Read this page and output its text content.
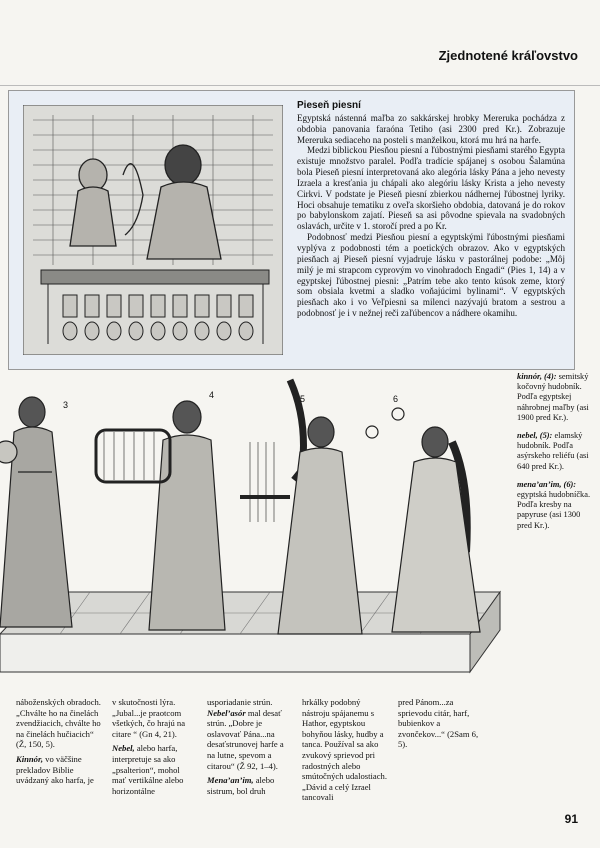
Zjednotené kráľovstvo
Pieseň piesní

Egyptská nástenná maľba zo sakkárskej hrobky Mereruka pochádza z obdobia panovania faraóna Tetiho (asi 2300 pred Kr.). Zobrazuje Mereruka sediaceho na posteli s manželkou, ktorá mu hrá na harfe.

Medzi biblickou Piesňou piesní a ľúbostnými piesňami starého Egypta existuje množstvo paralel. Podľa tradície spájanej s osobou Šalamúna bola Pieseň piesní interpretovaná ako alegória lásky Pána a jeho nevesty Izraela a kresťania ju chápali ako alegóriu lásky Krista a jeho nevesty Cirkvi. V podstate je Pieseň piesní zbierkou nádhernej ľúbostnej lyriky. Hoci obsahuje tematiku z oveľa skoršieho obdobia, datovaná je do rokov po babylonskom zajatí. Pieseň sa asi pôvodne spievala na svadobných oslavách, určite v 1. storočí pred a po Kr.

Podobnosť medzi Piesňou piesní a egyptskými ľúbostnými piesňami vyplýva z podobnosti tém a poetických obrazov. Ako v egyptských piesňach aj Pieseň piesní vyjadruje lásku v pastorálnej podobe: „Môj milý je mi strapcom cyprovým vo vinohradoch Engadi“ (Pies 1, 14) a v egyptskej ľúbostnej piesni: „Patrím tebe ako tento kúsok zeme, ktorý som obsiala kvetmi a sladko voňajúcimi bylinami“. V egyptských piesňach ako i vo Veľpiesni sa milenci nazývajú bratom a sestrou a podobnosť je i v nežnej reči zaľúbencov a nádhere okamihu.

3
4	5	6

kinnór, (4): semitský kočovný hudobník. Podľa egyptskej náhrobnej maľby (asi 1900 pred Kr.).

nebel, (5): elamský hudobník. Podľa asýrskeho reliéfu (asi 640 pred Kr.).

mena’an’im, (6): egyptská hudobníčka. Podľa kresby na papyruse (asi 1300 pred Kr.).

náboženských obradoch. „Chválte ho na činelách zvendžiacich, chválte ho na činelách hučiacich“ (Ž, 150, 5).

Kinnór, vo väčšine prekladov Biblie uvádzaný ako harfa, je

v skutočnosti lýra. „Jubal...je praotcom všetkých, čo hrajú na citare “ (Gn 4, 21).

Nebel, alebo harfa, interpretuje sa ako „psalterion“, mohol mať vertikálne alebo horizontálne

usporiadanie strún. Nebel’asór mal desať strún. „Dobre je oslavovať Pána...na desaťstrunovej harfe a na lutne, spevom a citarou“ (Ž 92, 1–4).

Mena’an’im, alebo sistrum, bol druh

hrkálky podobný nástroju spájanemu s Hathor, egyptskou bohyňou lásky, hudby a tanca. Používal sa ako zvukový sprievod pri radostných alebo smútočných udalostiach. „Dávid a celý Izrael tancovali

pred Pánom...za sprievodu citár, harf, bubienkov a zvončekov...“ (2Sam 6, 5).

91
